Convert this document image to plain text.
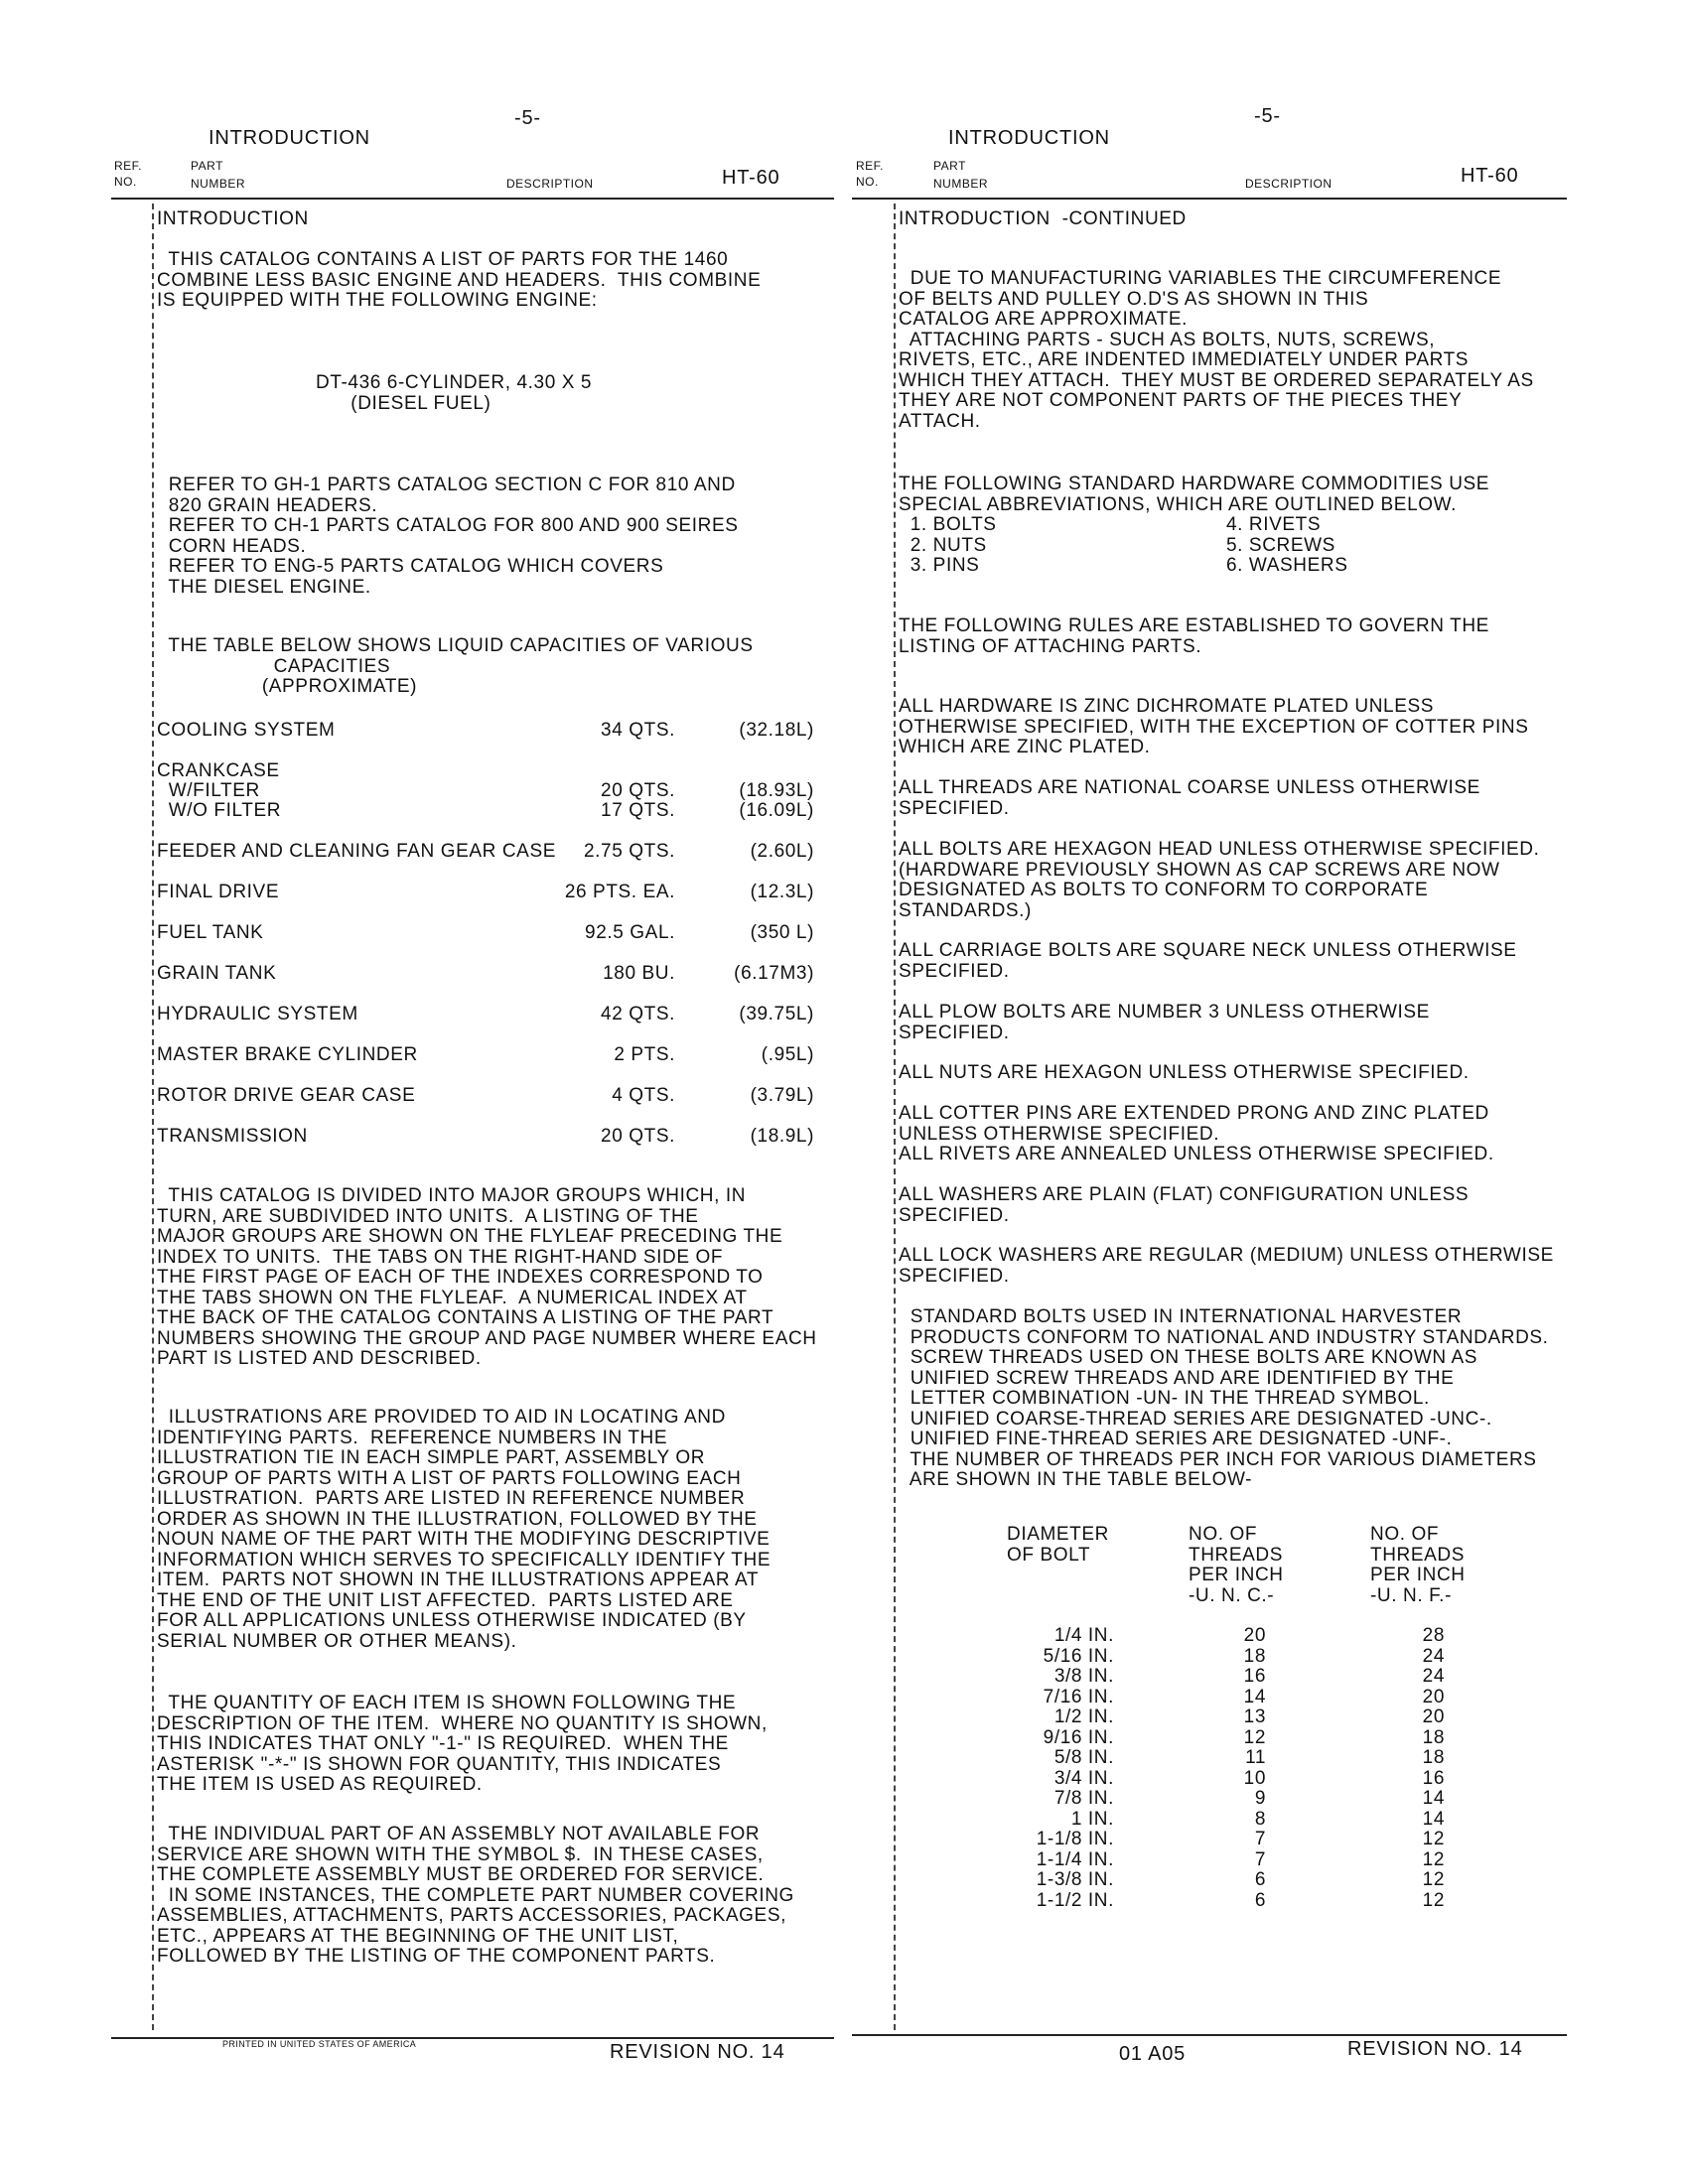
-5-
INTRODUCTION
REF.
NO.
PART
NUMBER	DESCRIPTION	HT-60
INTRODUCTION
THIS CATALOG CONTAINS A LIST OF PARTS FOR THE 1460
COMBINE LESS BASIC ENGINE AND HEADERS.  THIS COMBINE
IS EQUIPPED WITH THE FOLLOWING ENGINE:
DT-436 6-CYLINDER, 4.30 X 5
(DIESEL FUEL)
REFER TO GH-1 PARTS CATALOG SECTION C FOR 810 AND
820 GRAIN HEADERS.
REFER TO CH-1 PARTS CATALOG FOR 800 AND 900 SEIRES
CORN HEADS.
REFER TO ENG-5 PARTS CATALOG WHICH COVERS
THE DIESEL ENGINE.
THE TABLE BELOW SHOWS LIQUID CAPACITIES OF VARIOUS
CAPACITIES
(APPROXIMATE)
COOLING SYSTEM	34 QTS.	(32.18L)
CRANKCASE
W/FILTER	20 QTS.	(18.93L)
W/O FILTER	17 QTS.	(16.09L)
FEEDER AND CLEANING FAN GEAR CASE	2.75 QTS.	(2.60L)
FINAL DRIVE	26 PTS. EA.	(12.3L)
FUEL TANK	92.5 GAL.	(350 L)
GRAIN TANK	180 BU.	(6.17M3)
HYDRAULIC SYSTEM	42 QTS.	(39.75L)
MASTER BRAKE CYLINDER	2 PTS.	(.95L)
ROTOR DRIVE GEAR CASE	4 QTS.	(3.79L)
TRANSMISSION	20 QTS.	(18.9L)
THIS CATALOG IS DIVIDED INTO MAJOR GROUPS WHICH, IN
TURN, ARE SUBDIVIDED INTO UNITS.  A LISTING OF THE
MAJOR GROUPS ARE SHOWN ON THE FLYLEAF PRECEDING THE
INDEX TO UNITS.  THE TABS ON THE RIGHT-HAND SIDE OF
THE FIRST PAGE OF EACH OF THE INDEXES CORRESPOND TO
THE TABS SHOWN ON THE FLYLEAF.  A NUMERICAL INDEX AT
THE BACK OF THE CATALOG CONTAINS A LISTING OF THE PART
NUMBERS SHOWING THE GROUP AND PAGE NUMBER WHERE EACH
PART IS LISTED AND DESCRIBED.
ILLUSTRATIONS ARE PROVIDED TO AID IN LOCATING AND
IDENTIFYING PARTS.  REFERENCE NUMBERS IN THE
ILLUSTRATION TIE IN EACH SIMPLE PART, ASSEMBLY OR
GROUP OF PARTS WITH A LIST OF PARTS FOLLOWING EACH
ILLUSTRATION.  PARTS ARE LISTED IN REFERENCE NUMBER
ORDER AS SHOWN IN THE ILLUSTRATION, FOLLOWED BY THE
NOUN NAME OF THE PART WITH THE MODIFYING DESCRIPTIVE
INFORMATION WHICH SERVES TO SPECIFICALLY IDENTIFY THE
ITEM.  PARTS NOT SHOWN IN THE ILLUSTRATIONS APPEAR AT
THE END OF THE UNIT LIST AFFECTED.  PARTS LISTED ARE
FOR ALL APPLICATIONS UNLESS OTHERWISE INDICATED (BY
SERIAL NUMBER OR OTHER MEANS).
THE QUANTITY OF EACH ITEM IS SHOWN FOLLOWING THE
DESCRIPTION OF THE ITEM.  WHERE NO QUANTITY IS SHOWN,
THIS INDICATES THAT ONLY "-1-" IS REQUIRED.  WHEN THE
ASTERISK "-*-" IS SHOWN FOR QUANTITY, THIS INDICATES
THE ITEM IS USED AS REQUIRED.
THE INDIVIDUAL PART OF AN ASSEMBLY NOT AVAILABLE FOR
SERVICE ARE SHOWN WITH THE SYMBOL $.  IN THESE CASES,
THE COMPLETE ASSEMBLY MUST BE ORDERED FOR SERVICE.
IN SOME INSTANCES, THE COMPLETE PART NUMBER COVERING
ASSEMBLIES, ATTACHMENTS, PARTS ACCESSORIES, PACKAGES,
ETC., APPEARS AT THE BEGINNING OF THE UNIT LIST,
FOLLOWED BY THE LISTING OF THE COMPONENT PARTS.
PRINTED IN UNITED STATES OF AMERICA	REVISION NO. 14
-5-
INTRODUCTION
REF.
NO.
PART
NUMBER	DESCRIPTION	HT-60
INTRODUCTION  -CONTINUED
DUE TO MANUFACTURING VARIABLES THE CIRCUMFERENCE
OF BELTS AND PULLEY O.D'S AS SHOWN IN THIS
CATALOG ARE APPROXIMATE.
ATTACHING PARTS - SUCH AS BOLTS, NUTS, SCREWS,
RIVETS, ETC., ARE INDENTED IMMEDIATELY UNDER PARTS
WHICH THEY ATTACH.  THEY MUST BE ORDERED SEPARATELY AS
THEY ARE NOT COMPONENT PARTS OF THE PIECES THEY
ATTACH.
THE FOLLOWING STANDARD HARDWARE COMMODITIES USE
SPECIAL ABBREVIATIONS, WHICH ARE OUTLINED BELOW.
1. BOLTS
2. NUTS
3. PINS
4. RIVETS
5. SCREWS
6. WASHERS
THE FOLLOWING RULES ARE ESTABLISHED TO GOVERN THE
LISTING OF ATTACHING PARTS.
ALL HARDWARE IS ZINC DICHROMATE PLATED UNLESS
OTHERWISE SPECIFIED, WITH THE EXCEPTION OF COTTER PINS
WHICH ARE ZINC PLATED.
ALL THREADS ARE NATIONAL COARSE UNLESS OTHERWISE
SPECIFIED.
ALL BOLTS ARE HEXAGON HEAD UNLESS OTHERWISE SPECIFIED.
(HARDWARE PREVIOUSLY SHOWN AS CAP SCREWS ARE NOW
DESIGNATED AS BOLTS TO CONFORM TO CORPORATE
STANDARDS.)
ALL CARRIAGE BOLTS ARE SQUARE NECK UNLESS OTHERWISE
SPECIFIED.
ALL PLOW BOLTS ARE NUMBER 3 UNLESS OTHERWISE
SPECIFIED.
ALL NUTS ARE HEXAGON UNLESS OTHERWISE SPECIFIED.
ALL COTTER PINS ARE EXTENDED PRONG AND ZINC PLATED
UNLESS OTHERWISE SPECIFIED.
ALL RIVETS ARE ANNEALED UNLESS OTHERWISE SPECIFIED.
ALL WASHERS ARE PLAIN (FLAT) CONFIGURATION UNLESS
SPECIFIED.
ALL LOCK WASHERS ARE REGULAR (MEDIUM) UNLESS OTHERWISE
SPECIFIED.
STANDARD BOLTS USED IN INTERNATIONAL HARVESTER
PRODUCTS CONFORM TO NATIONAL AND INDUSTRY STANDARDS.
SCREW THREADS USED ON THESE BOLTS ARE KNOWN AS
UNIFIED SCREW THREADS AND ARE IDENTIFIED BY THE
LETTER COMBINATION -UN- IN THE THREAD SYMBOL.
UNIFIED COARSE-THREAD SERIES ARE DESIGNATED -UNC-.
UNIFIED FINE-THREAD SERIES ARE DESIGNATED -UNF-.
THE NUMBER OF THREADS PER INCH FOR VARIOUS DIAMETERS
ARE SHOWN IN THE TABLE BELOW-
DIAMETER
OF BOLT
NO. OF
THREADS
PER INCH
-U. N. C.-
NO. OF
THREADS
PER INCH
-U. N. F.-
1/4 IN.	20	28
5/16 IN.	18	24
3/8 IN.	16	24
7/16 IN.	14	20
1/2 IN.	13	20
9/16 IN.	12	18
5/8 IN.	11	18
3/4 IN.	10	16
7/8 IN.	9	14
1 IN.	8	14
1-1/8 IN.	7	12
1-1/4 IN.	7	12
1-3/8 IN.	6	12
1-1/2 IN.	6	12
01 A05	REVISION NO. 14
